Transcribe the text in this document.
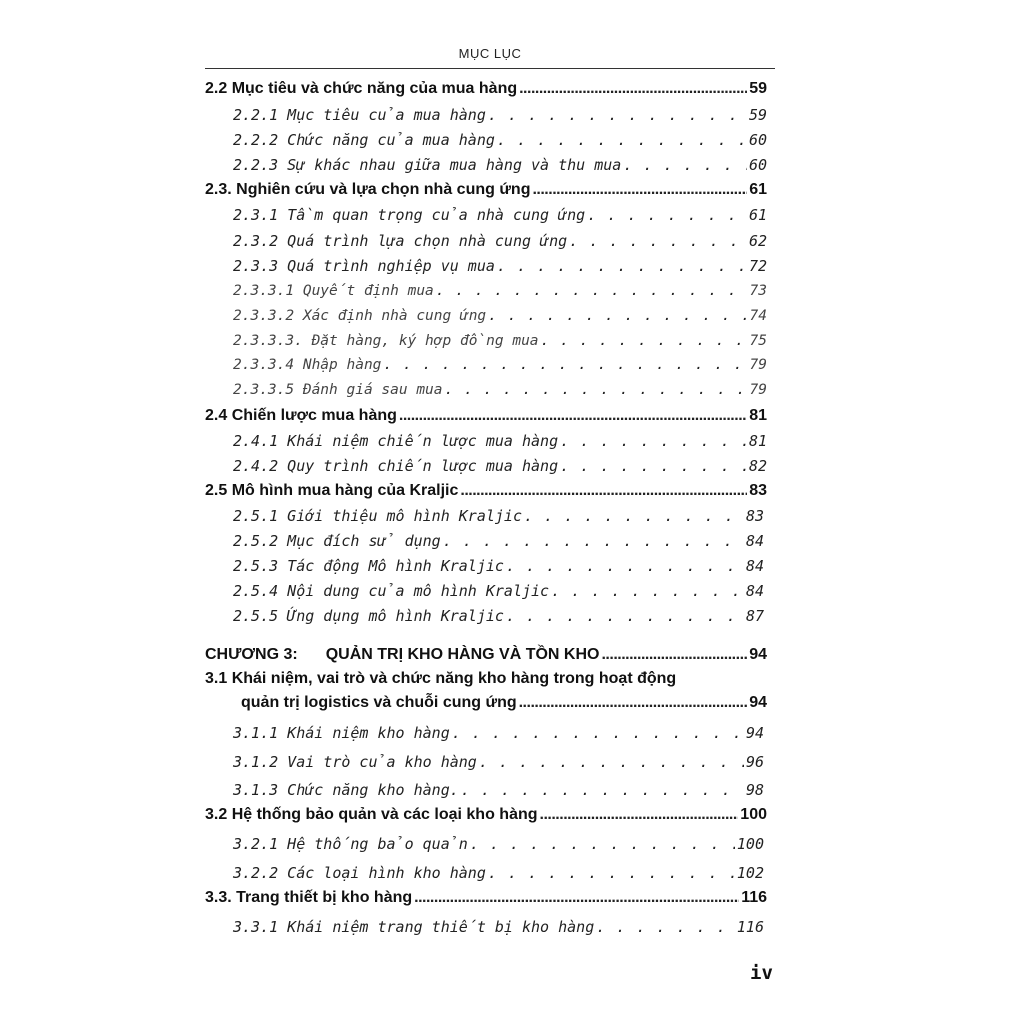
MỤC LỤC
2.2 Mục tiêu và chức năng của mua hàng .....	59
2.2.1 Mục tiêu của mua hàng . . .	59
2.2.2 Chức năng của mua hàng . . .	60
2.2.3 Sự khác nhau giữa mua hàng và thu mua . . .	60
2.3. Nghiên cứu và lựa chọn nhà cung ứng .....	61
2.3.1 Tầm quan trọng của nhà cung ứng . . .	61
2.3.2 Quá trình lựa chọn nhà cung ứng . . .	62
2.3.3 Quá trình nghiệp vụ mua . . .	72
2.3.3.1 Quyết định mua . . .	73
2.3.3.2 Xác định nhà cung ứng . . .	74
2.3.3.3. Đặt hàng, ký hợp đồng mua . . .	75
2.3.3.4 Nhập hàng . . .	79
2.3.3.5 Đánh giá sau mua . . .	79
2.4 Chiến lược mua hàng .....	81
2.4.1 Khái niệm chiến lược mua hàng . . .	81
2.4.2 Quy trình chiến lược mua hàng . . .	82
2.5 Mô hình mua hàng của Kraljic .....	83
2.5.1 Giới thiệu mô hình Kraljic . . .	83
2.5.2 Mục đích sử dụng . . .	84
2.5.3 Tác động Mô hình Kraljic . . .	84
2.5.4 Nội dung của mô hình Kraljic . . .	84
2.5.5 Ứng dụng mô hình Kraljic . . .	87
CHƯƠNG 3: QUẢN TRỊ KHO HÀNG VÀ TỒN KHO .....	94
3.1 Khái niệm, vai trò và chức năng kho hàng trong hoạt động
quản trị logistics và chuỗi cung ứng .....	94
3.1.1 Khái niệm kho hàng . . .	94
3.1.2 Vai trò của kho hàng . . .	96
3.1.3 Chức năng kho hàng. . . .	98
3.2 Hệ thống bảo quản và các loại kho hàng .....	100
3.2.1 Hệ thống bảo quản . . .	100
3.2.2 Các loại hình kho hàng . . .	102
3.3. Trang thiết bị kho hàng .....	116
3.3.1 Khái niệm trang thiết bị kho hàng . . .	116
iv
